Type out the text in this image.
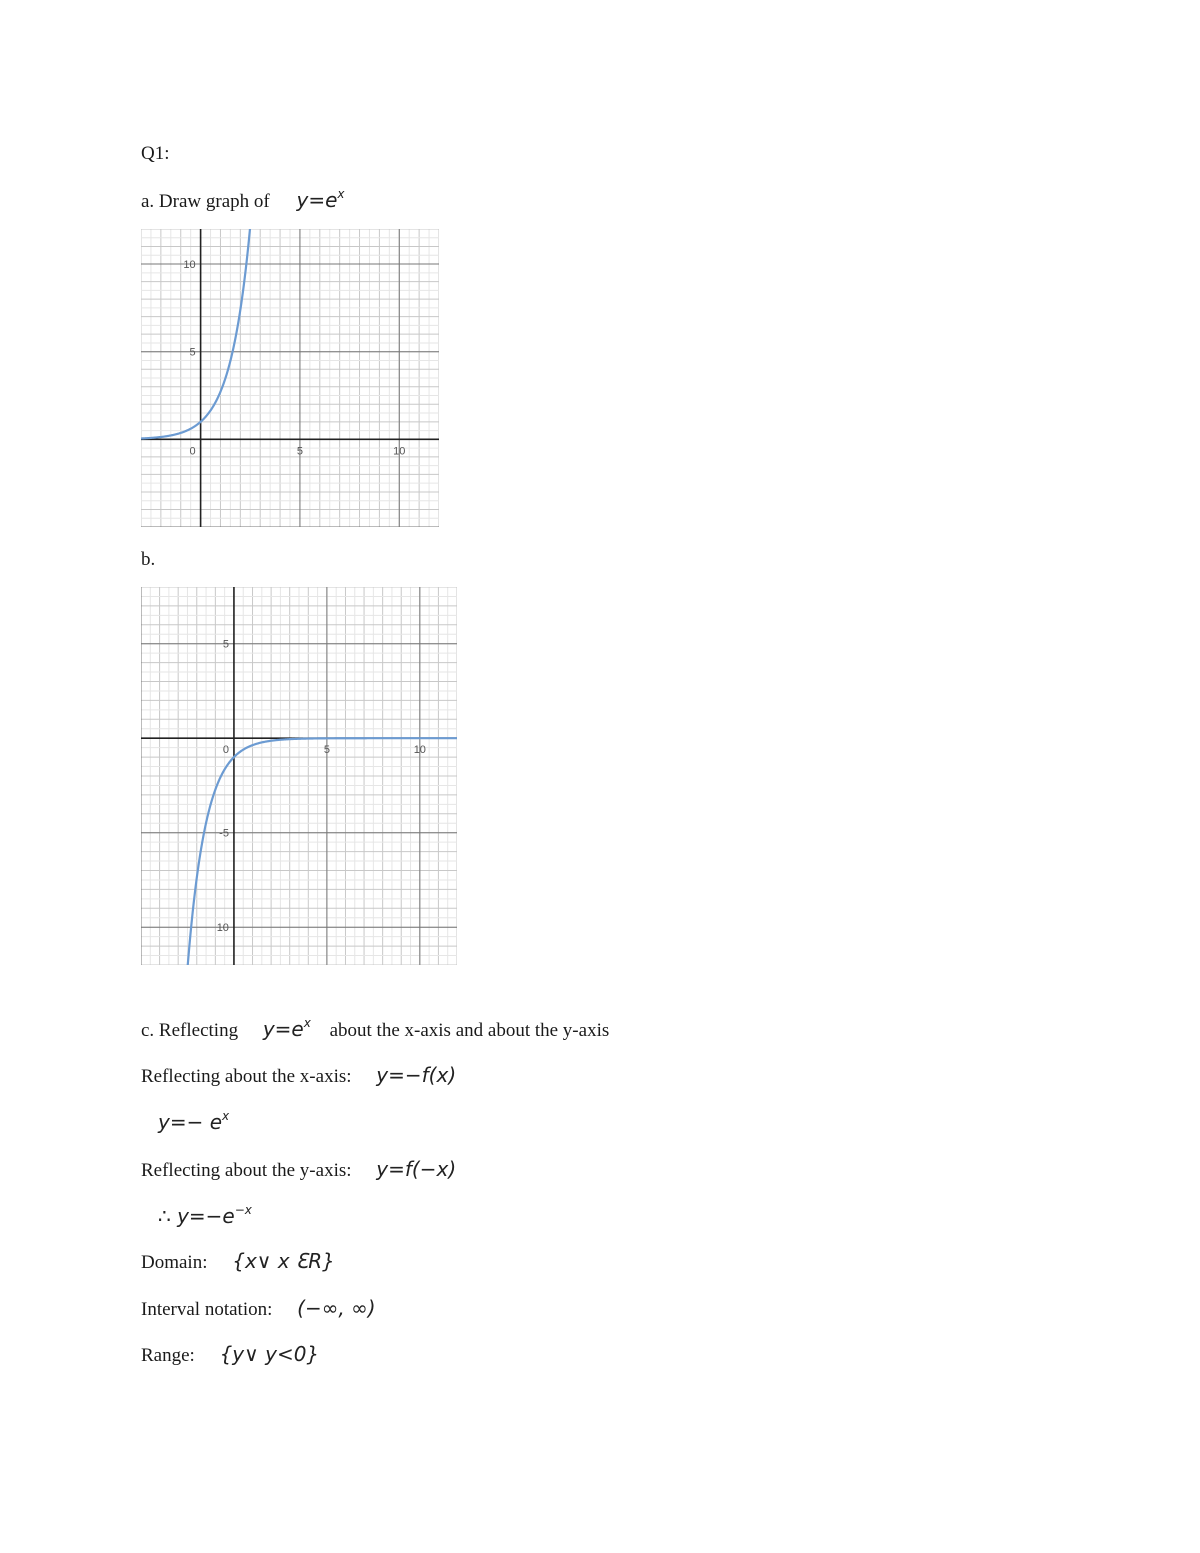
Q1:
a. Draw graph of $y=e^x$
0	5	10
10
5
b.
0	5	10
5
-5
10
c. Reflecting $y=e^x$ about the x-axis and about the y-axis
Reflecting about the x-axis: y=−f(x)
$y=- e^x$
Reflecting about the y-axis: y=f(−x)
∴ $y=-e^{-x}$
Domain: {x∨ x ƐR}
Interval notation: (−∞, ∞)
Range: {y∨ y<0}
